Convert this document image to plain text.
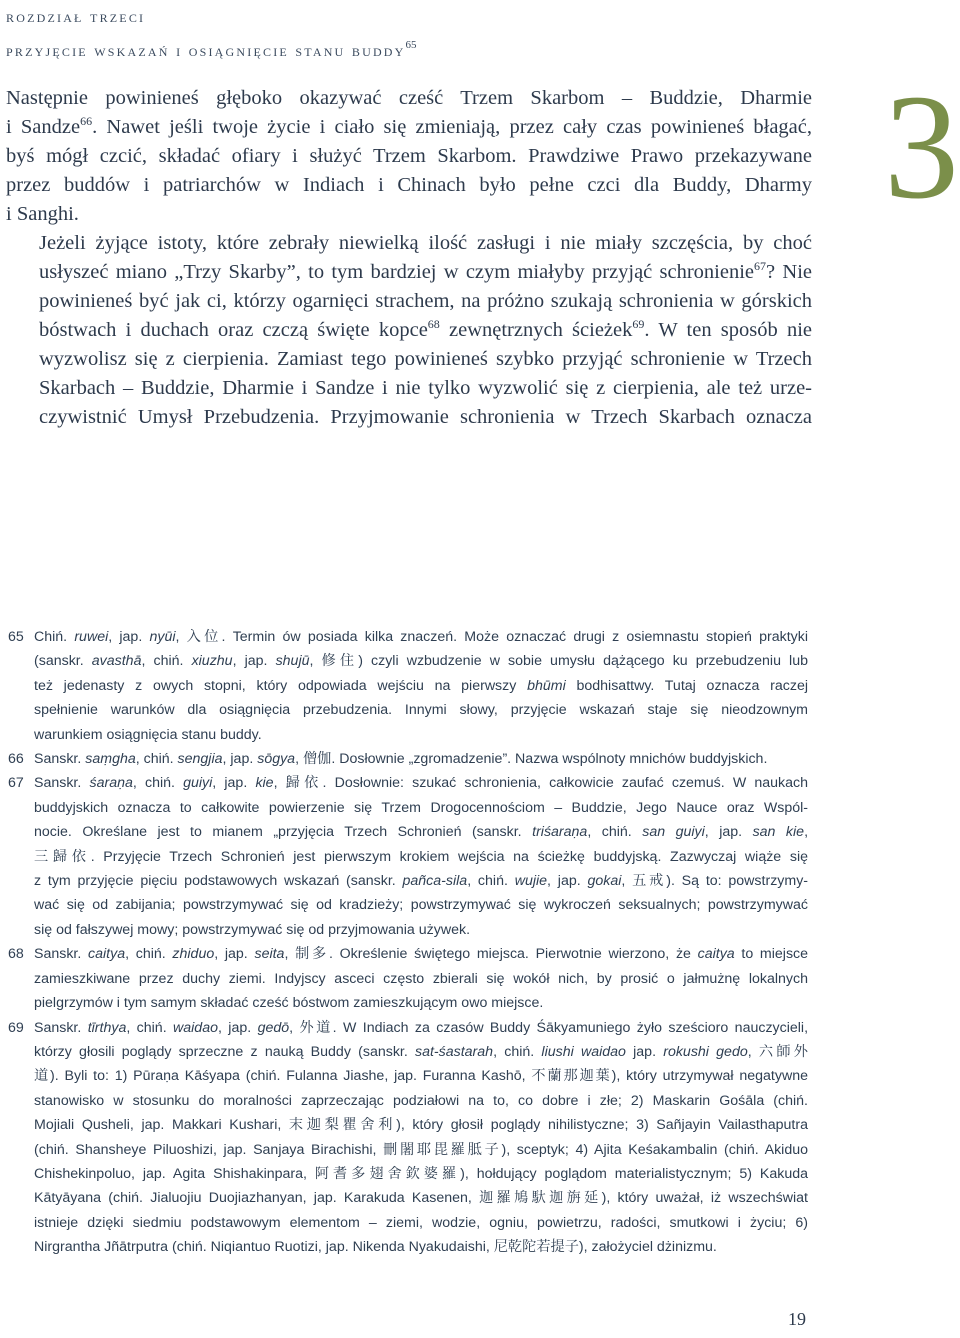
rozdział trzeci
przyjęcie wskazań i osiągnięcie stanu buddy$^{65}$
3

Następnie powinieneś głęboko okazywać cześć Trzem Skarbom – Buddzie, Dharmie
i Sandze$^{66}$. Nawet jeśli twoje życie i ciało się zmieniają, przez cały czas powinieneś błagać,
byś mógł czcić, składać ofiary i służyć Trzem Skarbom. Prawdziwe Prawo przekazywane
przez buddów i patriarchów w Indiach i Chinach było pełne czci dla Buddy, Dharmy
i Sanghi.

Jeżeli żyjące istoty, które zebrały niewielką ilość zasługi i nie miały szczęścia, by choć
usłyszeć miano „Trzy Skarby”, to tym bardziej w czym miałyby przyjąć schronienie$^{67}$? Nie
powinieneś być jak ci, którzy ogarnięci strachem, na próżno szukają schronienia w górskich
bóstwach i duchach oraz czczą święte kopce$^{68}$ zewnętrznych ścieżek$^{69}$. W ten sposób nie
wyzwolisz się z cierpienia. Zamiast tego powinieneś szybko przyjąć schronienie w Trzech
Skarbach – Buddzie, Dharmie i Sandze i nie tylko wyzwolić się z cierpienia, ale też urze-
czywistnić Umysł Przebudzenia. Przyjmowanie schronienia w Trzech Skarbach oznacza

65 Chiń. ruwei, jap. nyūi, 入位. Termin ów posiada kilka znaczeń. Może oznaczać drugi z osiemnastu stopień praktyki
(sanskr. avasthā, chiń. xiuzhu, jap. shujū, 修住) czyli wzbudzenie w sobie umysłu dążącego ku przebudzeniu lub
też jedenasty z owych stopni, który odpowiada wejściu na pierwszy bhūmi bodhisattwy. Tutaj oznacza raczej
spełnienie warunków dla osiągnięcia przebudzenia. Innymi słowy, przyjęcie wskazań staje się nieodzownym
warunkiem osiągnięcia stanu buddy.
66 Sanskr. saṃgha, chiń. sengjia, jap. sōgya, 僧伽. Dosłownie „zgromadzenie”. Nazwa wspólnoty mnichów buddyjskich.
67 Sanskr. śaraṇa, chiń. guiyi, jap. kie, 歸依. Dosłownie: szukać schronienia, całkowicie zaufać czemuś. W naukach
buddyjskich oznacza to całkowite powierzenie się Trzem Drogocennościom – Buddzie, Jego Nauce oraz Wspól-
nocie. Określane jest to mianem „przyjęcia Trzech Schronień (sanskr. triśaraṇa, chiń. san guiyi, jap. san kie,
三歸依. Przyjęcie Trzech Schronień jest pierwszym krokiem wejścia na ścieżkę buddyjską. Zazwyczaj wiąże się
z tym przyjęcie pięciu podstawowych wskazań (sanskr. pañca-sila, chiń. wujie, jap. gokai, 五戒). Są to: powstrzymy-
wać się od zabijania; powstrzymywać się od kradzieży; powstrzymywać się wykroczeń seksualnych; powstrzymywać
się od fałszywej mowy; powstrzymywać się od przyjmowania używek.
68 Sanskr. caitya, chiń. zhiduo, jap. seita, 制多. Określenie świętego miejsca. Pierwotnie wierzono, że caitya to miejsce
zamieszkiwane przez duchy ziemi. Indyjscy asceci często zbierali się wokół nich, by prosić o jałmużnę lokalnych
pielgrzymów i tym samym składać cześć bóstwom zamieszkującym owo miejsce.
69 Sanskr. tīrthya, chiń. waidao, jap. gedō, 外道. W Indiach za czasów Buddy Śākyamuniego żyło sześcioro nauczycieli,
którzy głosili poglądy sprzeczne z nauką Buddy (sanskr. sat-śastarah, chiń. liushi waidao jap. rokushi gedo, 六師外
道). Byli to: 1) Pūraṇa Kāśyapa (chiń. Fulanna Jiashe, jap. Furanna Kashō, 不蘭那迦葉), który utrzymywał negatywne
stanowisko w stosunku do moralności zaprzeczając podziałowi na to, co dobre i złe; 2) Maskarin Gośāla (chiń.
Mojiali Qusheli, jap. Makkari Kushari, 末迦梨瞿舍利), który głosił poglądy nihilistyczne; 3) Sañjayin Vailasthaputra
(chiń. Shansheye Piluoshizi, jap. Sanjaya Birachishi, 刪闍耶毘羅胝子), sceptyk; 4) Ajita Keśakambalin (chiń. Akiduo
Chishekinpoluo, jap. Agita Shishakinpara, 阿耆多翅舍欽婆羅), hołdujący poglądom materialistycznym; 5) Kakuda
Kātyāyana (chiń. Jialuojiu Duojiazhanyan, jap. Karakuda Kasenen, 迦羅鳩馱迦旃延), który uważał, iż wszechświat
istnieje dzięki siedmiu podstawowym elementom – ziemi, wodzie, ogniu, powietrzu, radości, smutkowi i życiu; 6)
Nirgrantha Jñātrputra (chiń. Niqiantuo Ruotizi, jap. Nikenda Nyakudaishi, 尼乾陀若提子), założyciel dżinizmu.
19
